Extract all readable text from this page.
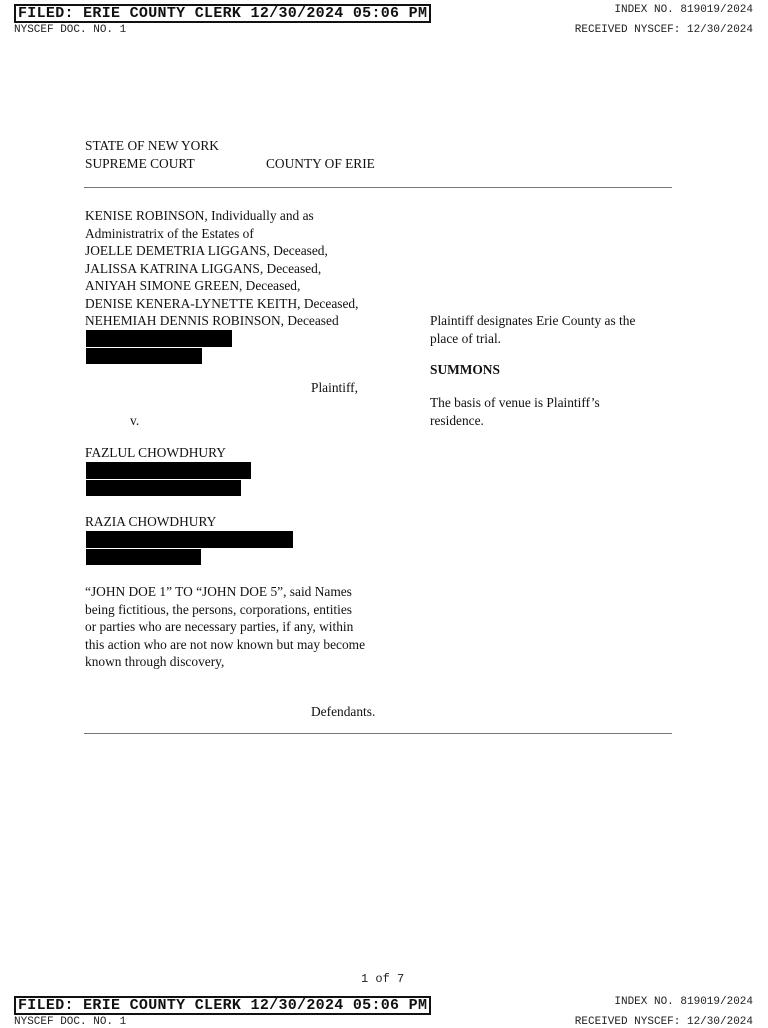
FILED: ERIE COUNTY CLERK 12/30/2024 05:06 PM
NYSCEF DOC. NO. 1
INDEX NO. 819019/2024
RECEIVED NYSCEF: 12/30/2024
STATE OF NEW YORK
SUPREME COURT	COUNTY OF ERIE
KENISE ROBINSON, Individually and as
Administratrix of the Estates of
JOELLE DEMETRIA LIGGANS, Deceased,
JALISSA KATRINA LIGGANS, Deceased,
ANIYAH SIMONE GREEN, Deceased,
DENISE KENERA-LYNETTE KEITH, Deceased,
NEHEMIAH DENNIS ROBINSON, Deceased
Plaintiff,
v.
Plaintiff designates Erie County as the
place of trial.
SUMMONS
The basis of venue is Plaintiff’s
residence.
FAZLUL CHOWDHURY
RAZIA CHOWDHURY
“JOHN DOE 1” TO “JOHN DOE 5”, said Names
being fictitious, the persons, corporations, entities
or parties who are necessary parties, if any, within
this action who are not now known but may become
known through discovery,
Defendants.
1 of 7
FILED: ERIE COUNTY CLERK 12/30/2024 05:06 PM	INDEX NO. 819019/2024
NYSCEF DOC. NO. 1	RECEIVED NYSCEF: 12/30/2024
